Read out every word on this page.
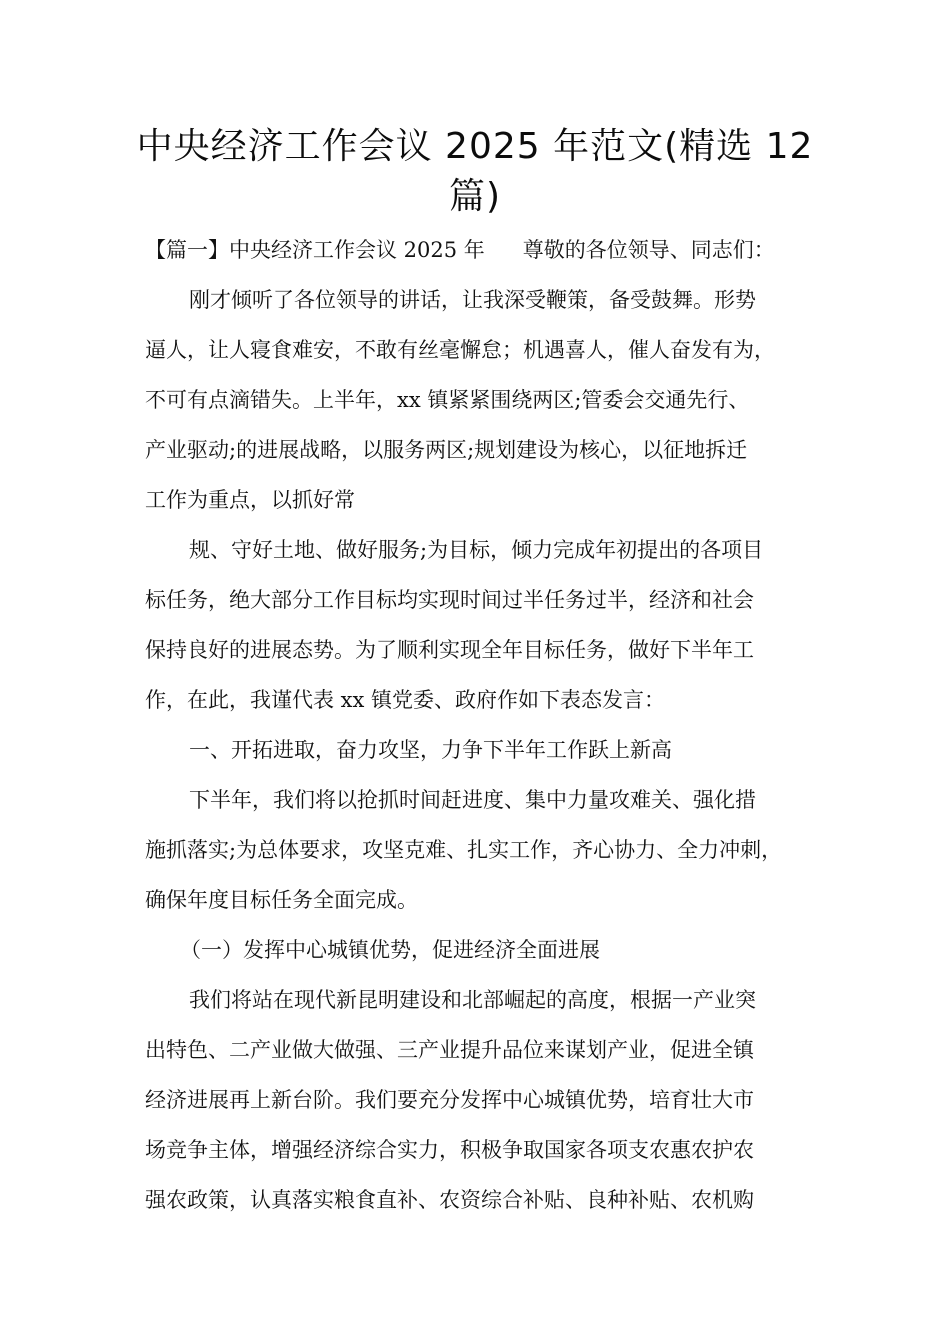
中央经济工作会议 2025 年范文(精选 12 篇)
【篇一】中央经济工作会议 2025 年 尊敬的各位领导、同志们：
刚才倾听了各位领导的讲话，让我深受鞭策，备受鼓舞。形势
逼人，让人寝食难安，不敢有丝毫懈怠；机遇喜人，催人奋发有为，
不可有点滴错失。上半年，xx 镇紧紧围绕两区;管委会交通先行、
产业驱动;的进展战略，以服务两区;规划建设为核心，以征地拆迁
工作为重点，以抓好常
规、守好土地、做好服务;为目标，倾力完成年初提出的各项目
标任务，绝大部分工作目标均实现时间过半任务过半，经济和社会
保持良好的进展态势。为了顺利实现全年目标任务，做好下半年工
作，在此，我谨代表 xx 镇党委、政府作如下表态发言：
一、开拓进取，奋力攻坚，力争下半年工作跃上新高
下半年，我们将以抢抓时间赶进度、集中力量攻难关、强化措
施抓落实;为总体要求，攻坚克难、扎实工作，齐心协力、全力冲刺，
确保年度目标任务全面完成。
（一）发挥中心城镇优势，促进经济全面进展
我们将站在现代新昆明建设和北部崛起的高度，根据一产业突
出特色、二产业做大做强、三产业提升品位来谋划产业，促进全镇
经济进展再上新台阶。我们要充分发挥中心城镇优势，培育壮大市
场竞争主体，增强经济综合实力，积极争取国家各项支农惠农护农
强农政策，认真落实粮食直补、农资综合补贴、良种补贴、农机购
